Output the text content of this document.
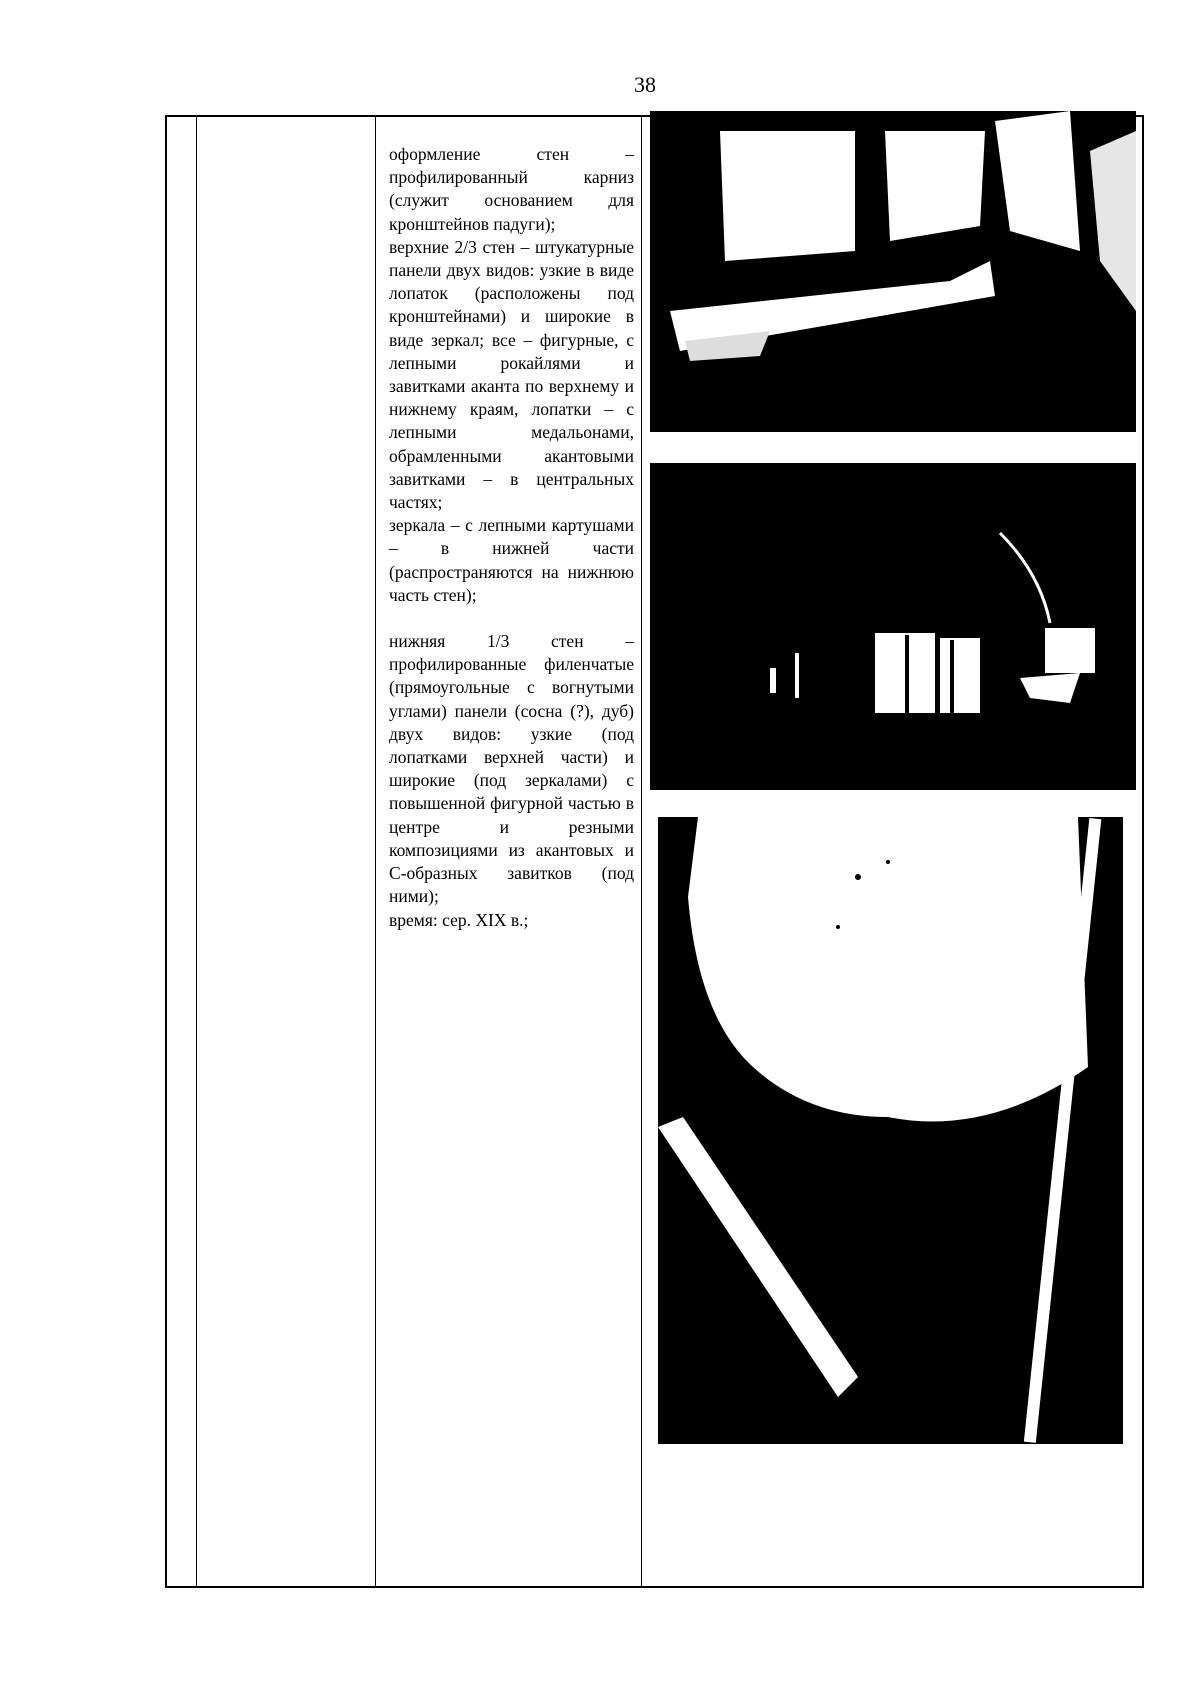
38

оформление стен – профилированный карниз (служит основанием для кронштейнов падуги);

верхние 2/3 стен – штукатурные панели двух видов: узкие в виде лопаток (расположены под кронштейнами) и широкие в виде зеркал; все – фигурные, с лепными рокайлями и завитками аканта по верхнему и нижнему краям, лопатки – с лепными медальонами, обрамленными акантовыми завитками – в центральных частях;

зеркала – с лепными картушами – в нижней части (распространяются на нижнюю часть стен);

нижняя 1/3 стен – профилированные филенчатые (прямоугольные с вогнутыми углами) панели (сосна (?), дуб) двух видов: узкие (под лопатками верхней части) и широкие (под зеркалами) с повышенной фигурной частью в центре и резными композициями из акантовых и С-образных завитков (под ними);

время: сер. XIX в.;
